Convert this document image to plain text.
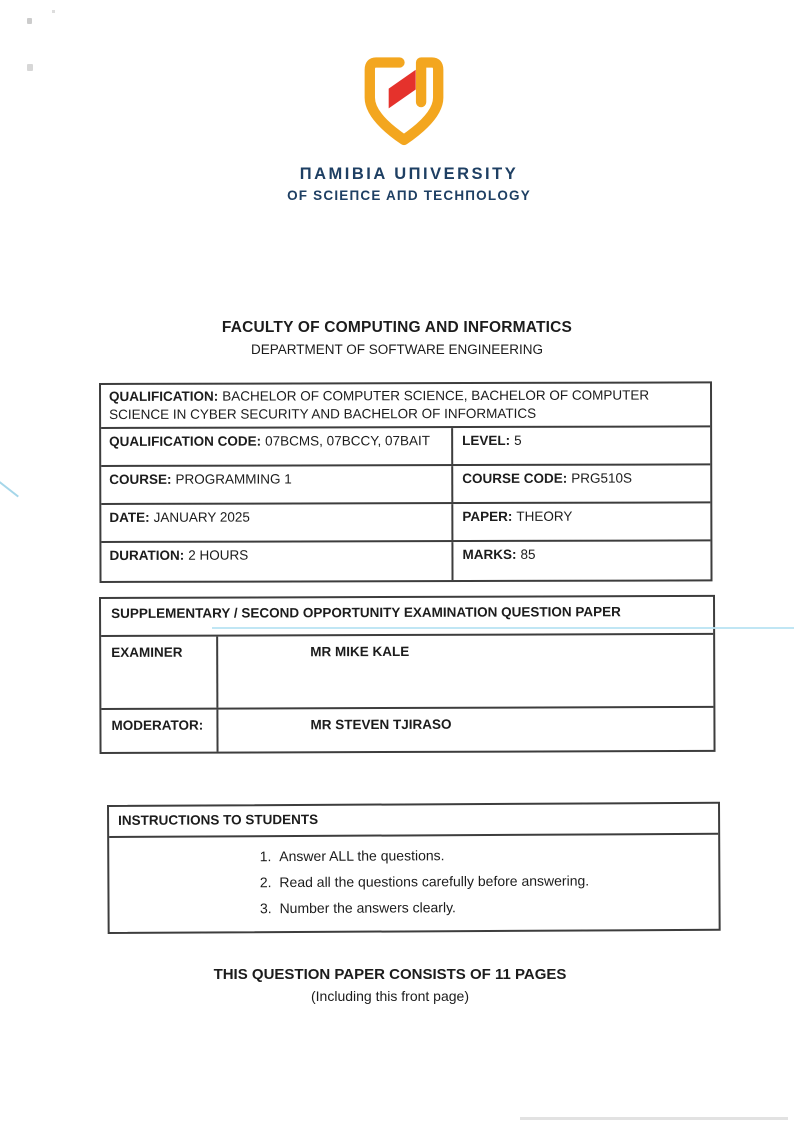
ПAMIBIA UПIVERSITY
OF SCIEПCE AПD TECHПOLOGY
FACULTY OF COMPUTING AND INFORMATICS
DEPARTMENT OF SOFTWARE ENGINEERING
QUALIFICATION: BACHELOR OF COMPUTER SCIENCE, BACHELOR OF COMPUTER SCIENCE IN CYBER SECURITY AND BACHELOR OF INFORMATICS
QUALIFICATION CODE: 07BCMS, 07BCCY, 07BAIT	LEVEL: 5
COURSE: PROGRAMMING 1	COURSE CODE: PRG510S
DATE: JANUARY 2025	PAPER: THEORY
DURATION: 2 HOURS	MARKS: 85
SUPPLEMENTARY / SECOND OPPORTUNITY EXAMINATION QUESTION PAPER
EXAMINER	MR MIKE KALE
MODERATOR:	MR STEVEN TJIRASO
INSTRUCTIONS TO STUDENTS
1. Answer ALL the questions.
2. Read all the questions carefully before answering.
3. Number the answers clearly.
THIS QUESTION PAPER CONSISTS OF 11 PAGES
(Including this front page)
